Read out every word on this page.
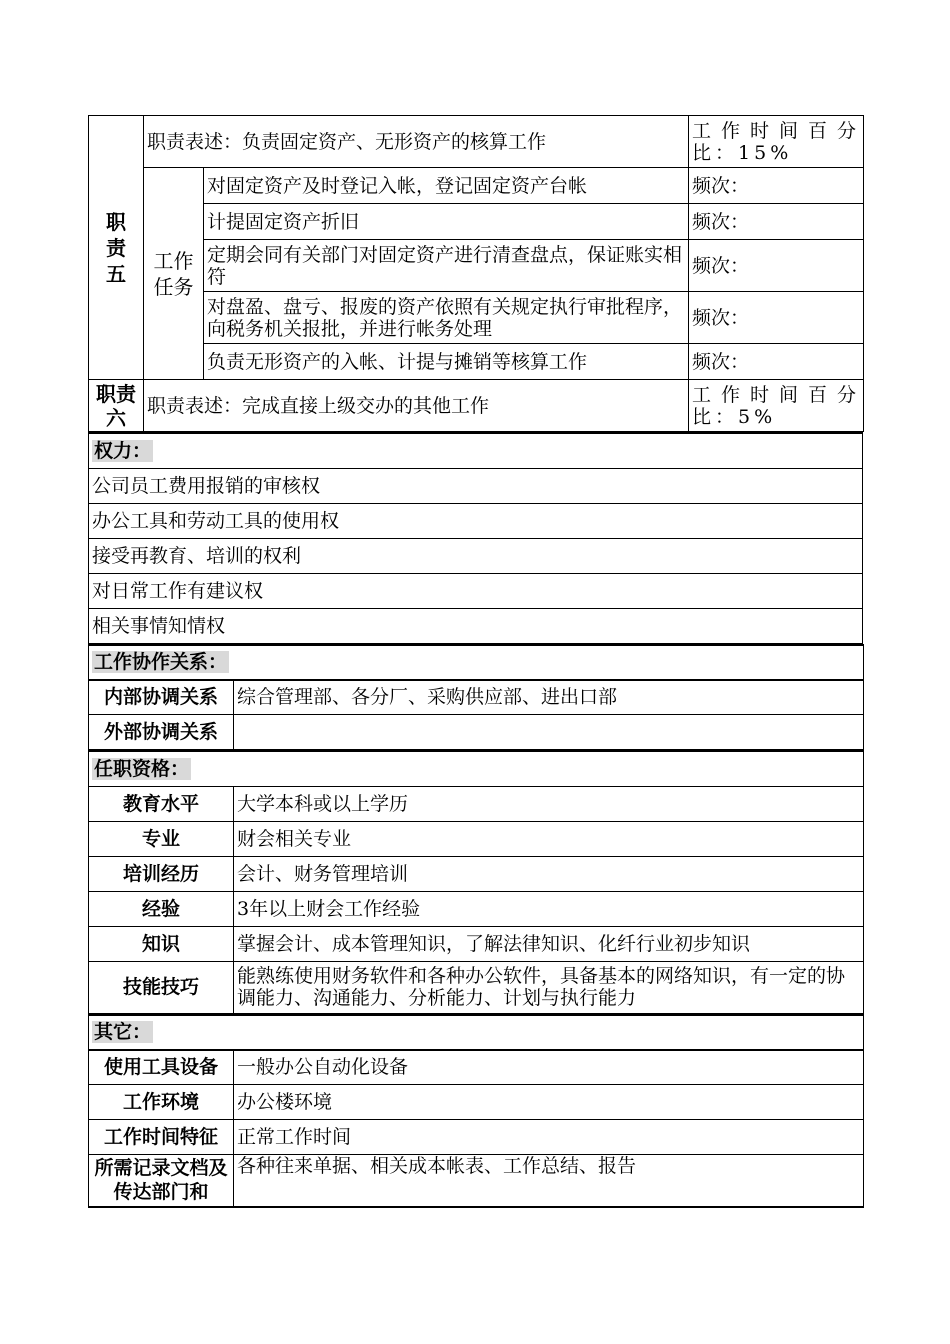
职责五	职责表述：负责固定资产、无形资产的核算工作		工作时间百分比：15%
	工作任务	对固定资产及时登记入帐，登记固定资产台帐	频次：
		计提固定资产折旧	频次：
		定期会同有关部门对固定资产进行清查盘点，保证账实相符	频次：
		对盘盈、盘亏、报废的资产依照有关规定执行审批程序，向税务机关报批，并进行帐务处理	频次：
		负责无形资产的入帐、计提与摊销等核算工作	频次：
职责六	职责表述：完成直接上级交办的其他工作		工作时间百分比：5%
权力：
公司员工费用报销的审核权
办公工具和劳动工具的使用权
接受再教育、培训的权利
对日常工作有建议权
相关事情知情权
工作协作关系：	
内部协调关系	综合管理部、各分厂、采购供应部、进出口部
外部协调关系	
任职资格：	
教育水平	大学本科或以上学历
专业	财会相关专业
培训经历	会计、财务管理培训
经验	3年以上财会工作经验
知识	掌握会计、成本管理知识，了解法律知识、化纤行业初步知识
技能技巧	能熟练使用财务软件和各种办公软件，具备基本的网络知识，有一定的协调能力、沟通能力、分析能力、计划与执行能力
其它：	
使用工具设备	一般办公自动化设备
工作环境	办公楼环境
工作时间特征	正常工作时间
所需记录文档及传达部门和	各种往来单据、相关成本帐表、工作总结、报告
